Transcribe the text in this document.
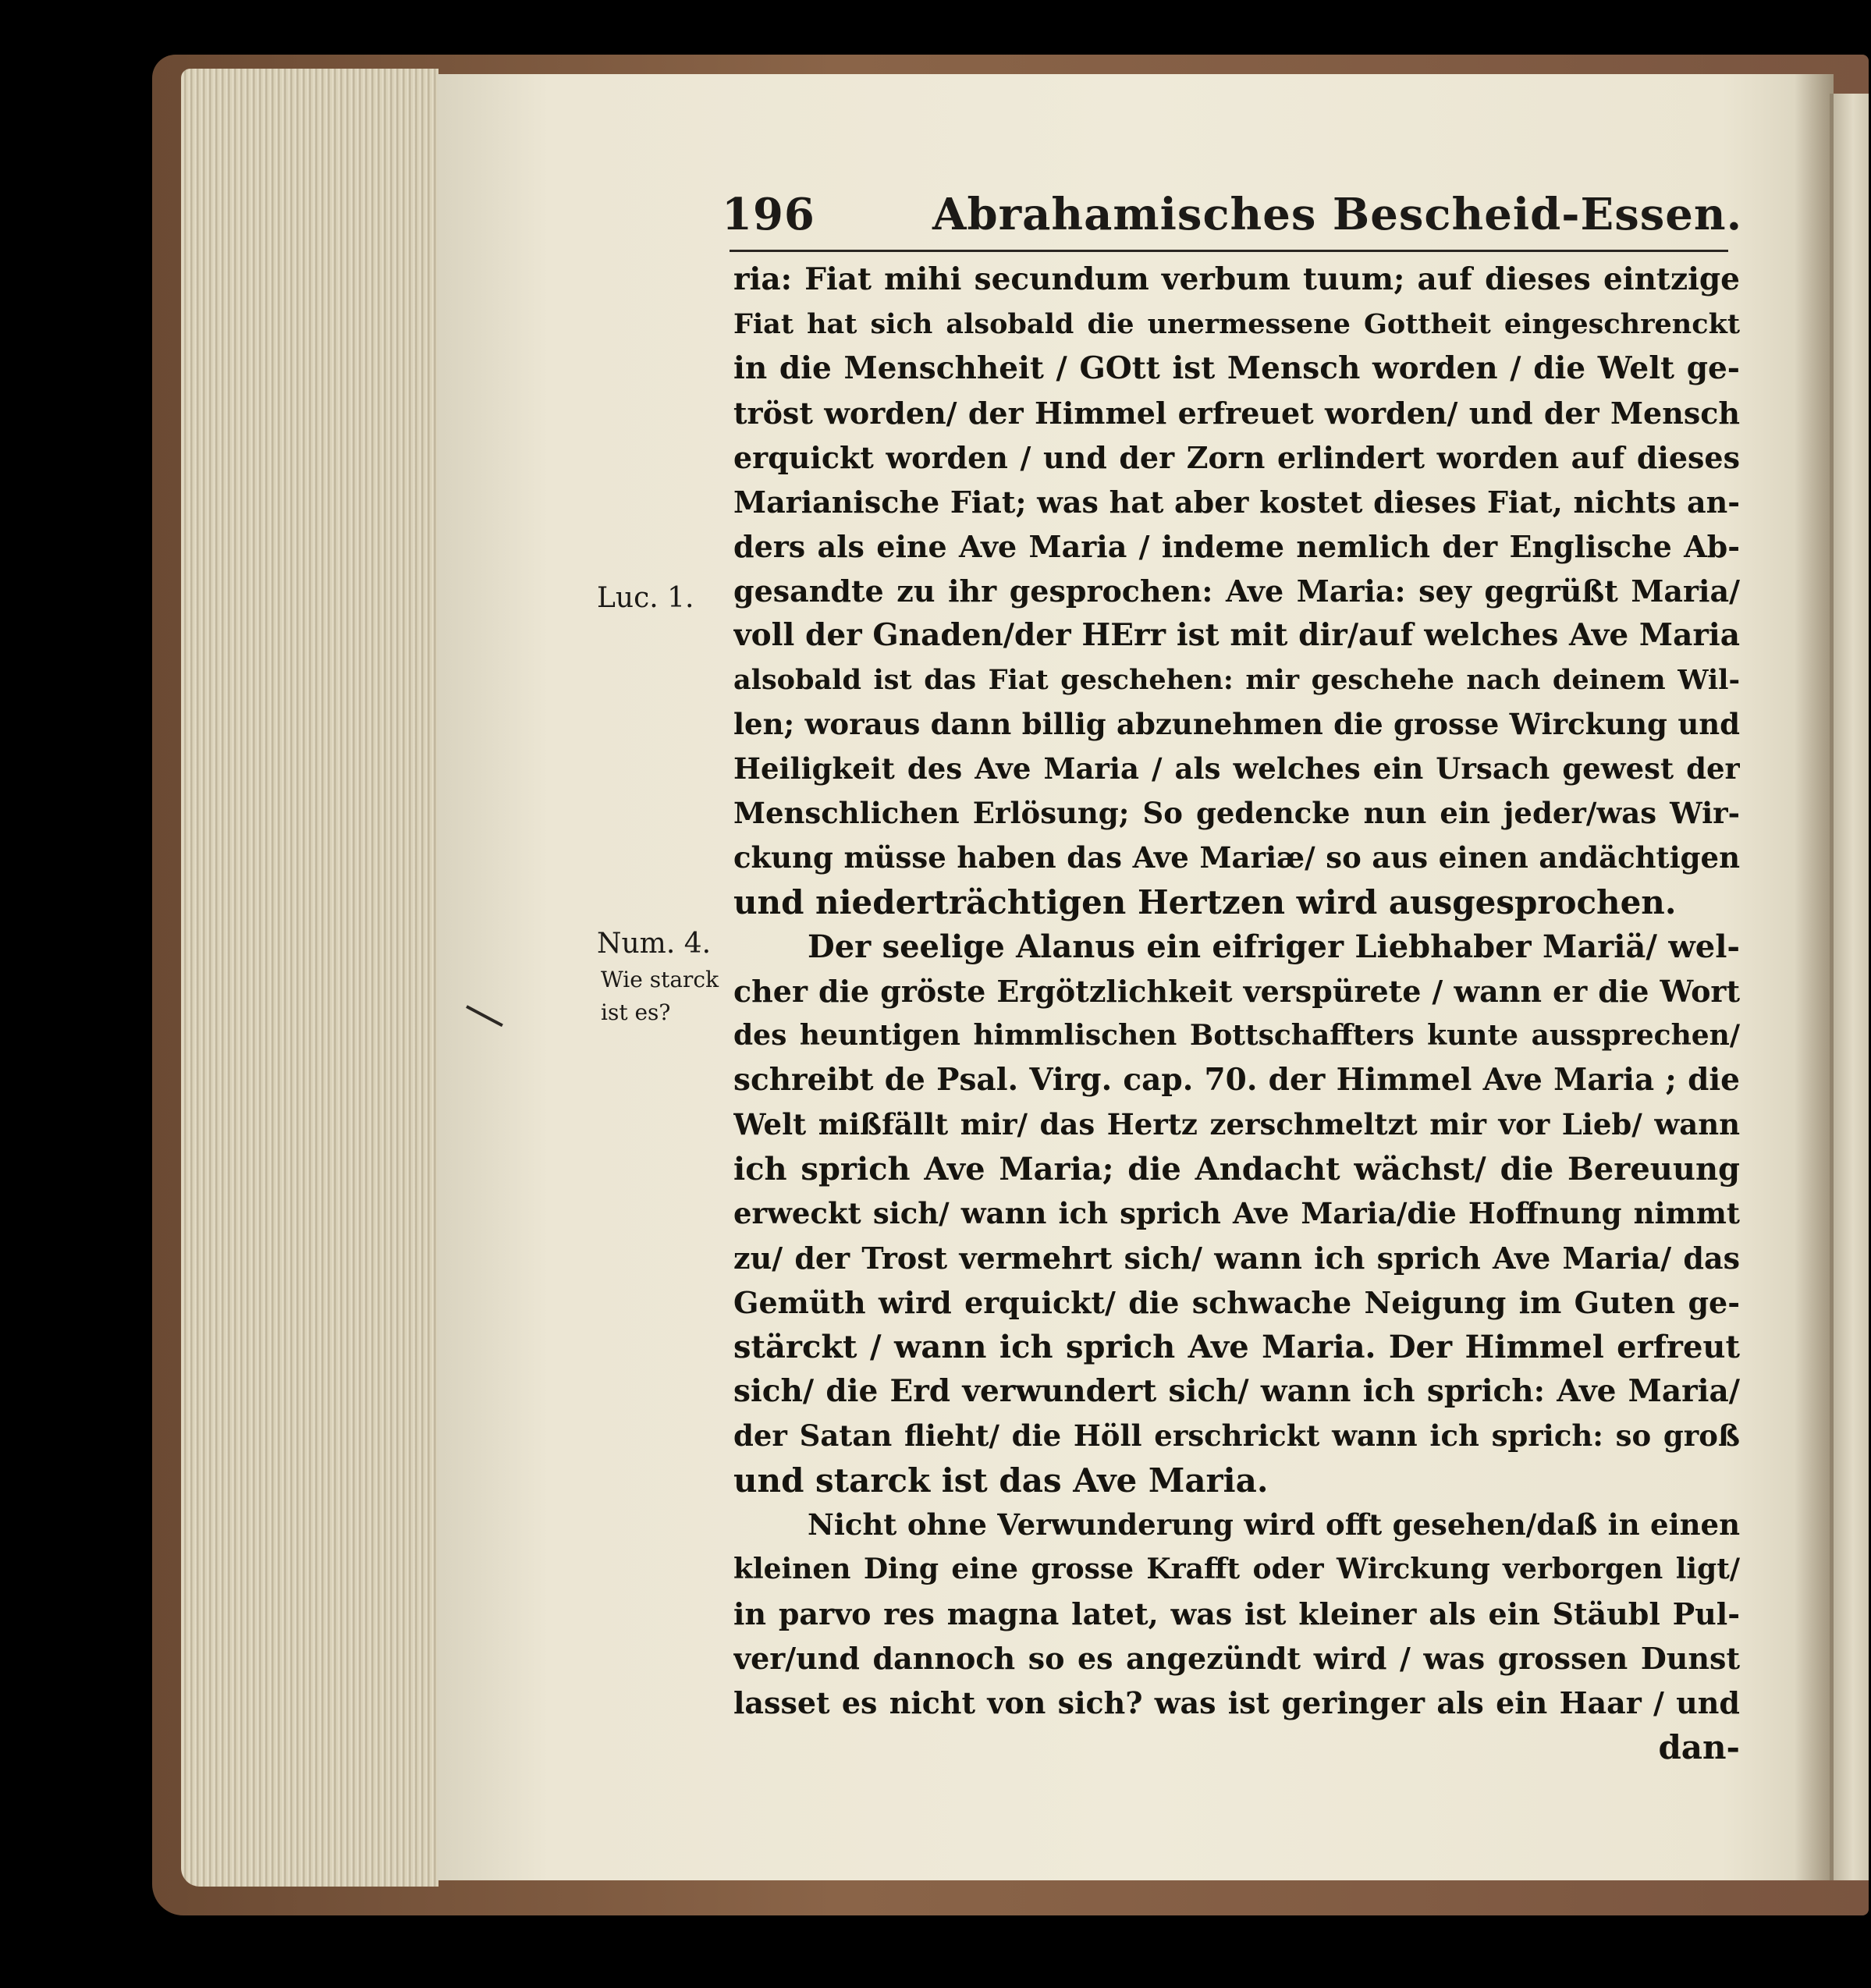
196	Abrahamisches Bescheid-Essen.
Luc. 1.
Num. 4.
Wie starck
ist es?
ria: Fiat mihi secundum verbum tuum; auf dieses eintzige
Fiat hat sich alsobald die unermessene Gottheit eingeschrenckt
in die Menschheit / GOtt ist Mensch worden / die Welt ge-
tröst worden/ der Himmel erfreuet worden/ und der Mensch
erquickt worden / und der Zorn erlindert worden auf dieses
Marianische Fiat; was hat aber kostet dieses Fiat, nichts an-
ders als eine Ave Maria / indeme nemlich der Englische Ab-
gesandte zu ihr gesprochen: Ave Maria: sey gegrüßt Maria/
voll der Gnaden/der HErr ist mit dir/auf welches Ave Maria
alsobald ist das Fiat geschehen: mir geschehe nach deinem Wil-
len; woraus dann billig abzunehmen die grosse Wirckung und
Heiligkeit des Ave Maria / als welches ein Ursach gewest der
Menschlichen Erlösung; So gedencke nun ein jeder/was Wir-
ckung müsse haben das Ave Mariæ/ so aus einen andächtigen
und niederträchtigen Hertzen wird ausgesprochen.
Der seelige Alanus ein eifriger Liebhaber Mariä/ wel-
cher die gröste Ergötzlichkeit verspürete / wann er die Wort
des heuntigen himmlischen Bottschaffters kunte aussprechen/
schreibt de Psal. Virg. cap. 70. der Himmel Ave Maria ; die
Welt mißfällt mir/ das Hertz zerschmeltzt mir vor Lieb/ wann
ich sprich Ave Maria; die Andacht wächst/ die Bereuung
erweckt sich/ wann ich sprich Ave Maria/die Hoffnung nimmt
zu/ der Trost vermehrt sich/ wann ich sprich Ave Maria/ das
Gemüth wird erquickt/ die schwache Neigung im Guten ge-
stärckt / wann ich sprich Ave Maria. Der Himmel erfreut
sich/ die Erd verwundert sich/ wann ich sprich: Ave Maria/
der Satan flieht/ die Höll erschrickt wann ich sprich: so groß
und starck ist das Ave Maria.
Nicht ohne Verwunderung wird offt gesehen/daß in einen
kleinen Ding eine grosse Krafft oder Wirckung verborgen ligt/
in parvo res magna latet, was ist kleiner als ein Stäubl Pul-
ver/und dannoch so es angezündt wird / was grossen Dunst
lasset es nicht von sich? was ist geringer als ein Haar / und
dan-
